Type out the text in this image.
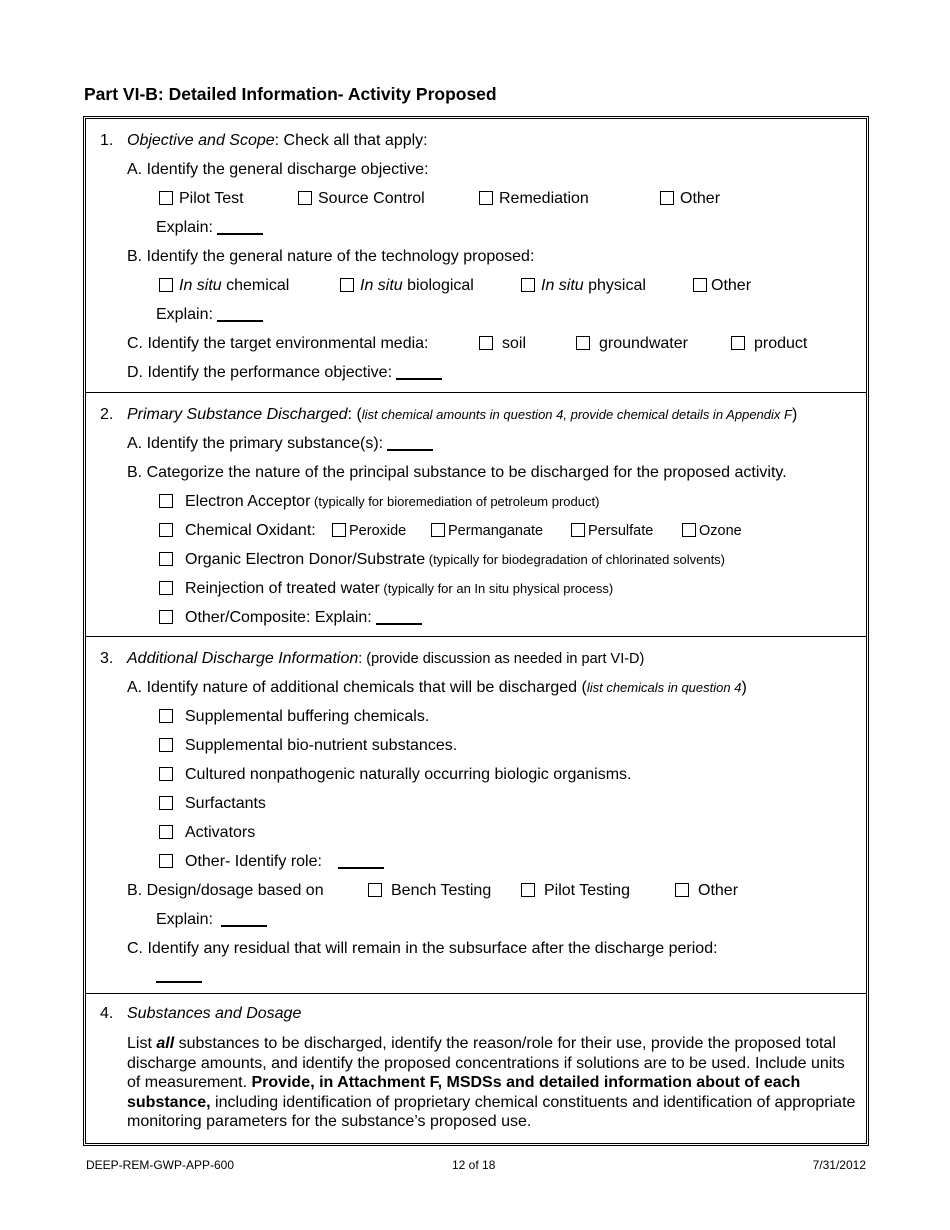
Part VI-B: Detailed Information- Activity Proposed
1. Objective and Scope: Check all that apply:
A. Identify the general discharge objective:
Pilot Test	Source Control	Remediation	Other
Explain:
B. Identify the general nature of the technology proposed:
In situ chemical	In situ biological	In situ physical	Other
Explain:
C. Identify the target environmental media:	soil	groundwater	product
D. Identify the performance objective:
2. Primary Substance Discharged: (list chemical amounts in question 4, provide chemical details in Appendix F)
A. Identify the primary substance(s):
B. Categorize the nature of the principal substance to be discharged for the proposed activity.
Electron Acceptor (typically for bioremediation of petroleum product)
Chemical Oxidant:	Peroxide	Permanganate	Persulfate	Ozone
Organic Electron Donor/Substrate (typically for biodegradation of chlorinated solvents)
Reinjection of treated water (typically for an In situ physical process)
Other/Composite: Explain:
3. Additional Discharge Information: (provide discussion as needed in part VI-D)
A. Identify nature of additional chemicals that will be discharged (list chemicals in question 4)
Supplemental buffering chemicals.
Supplemental bio-nutrient substances.
Cultured nonpathogenic naturally occurring biologic organisms.
Surfactants
Activators
Other- Identify role:
B. Design/dosage based on	Bench Testing	Pilot Testing	Other
Explain:
C. Identify any residual that will remain in the subsurface after the discharge period:
4. Substances and Dosage
List all substances to be discharged, identify the reason/role for their use, provide the proposed total discharge amounts, and identify the proposed concentrations if solutions are to be used. Include units of measurement. Provide, in Attachment F, MSDSs and detailed information about of each substance, including identification of proprietary chemical constituents and identification of appropriate monitoring parameters for the substance’s proposed use.
DEEP-REM-GWP-APP-600	12 of 18	7/31/2012
